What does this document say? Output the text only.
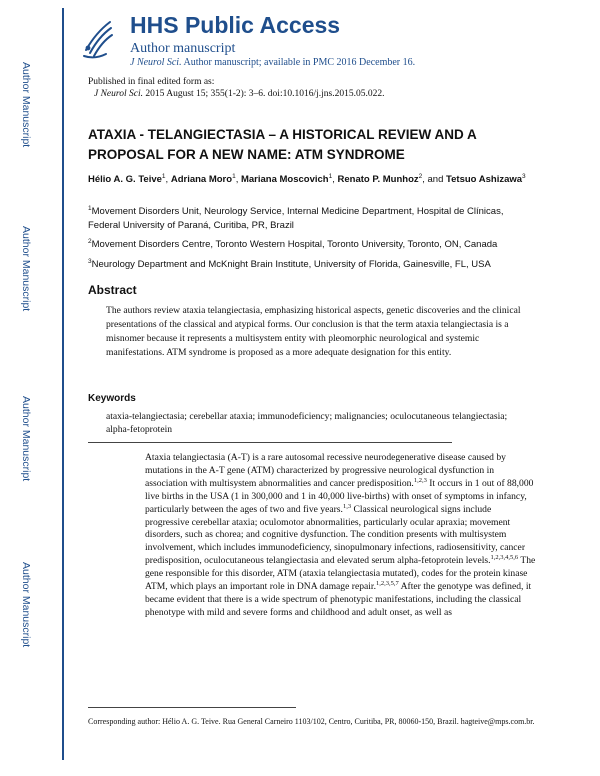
Author Manuscript
Author Manuscript
Author Manuscript
Author Manuscript
HHS Public Access
Author manuscript
J Neurol Sci. Author manuscript; available in PMC 2016 December 16.
Published in final edited form as:
J Neurol Sci. 2015 August 15; 355(1-2): 3–6. doi:10.1016/j.jns.2015.05.022.
ATAXIA - TELANGIECTASIA – A HISTORICAL REVIEW AND A PROPOSAL FOR A NEW NAME: ATM SYNDROME
Hélio A. G. Teive$^1$, Adriana Moro$^1$, Mariana Moscovich$^1$, Renato P. Munhoz$^2$, and Tetsuo Ashizawa$^3$
$^1$Movement Disorders Unit, Neurology Service, Internal Medicine Department, Hospital de Clínicas, Federal University of Paraná, Curitiba, PR, Brazil
$^2$Movement Disorders Centre, Toronto Western Hospital, Toronto University, Toronto, ON, Canada
$^3$Neurology Department and McKnight Brain Institute, University of Florida, Gainesville, FL, USA
Abstract
The authors review ataxia telangiectasia, emphasizing historical aspects, genetic discoveries and the clinical presentations of the classical and atypical forms. Our conclusion is that the term ataxia telangiectasia is a misnomer because it represents a multisystem entity with pleomorphic neurological and systemic manifestations. ATM syndrome is proposed as a more adequate designation for this entity.
Keywords
ataxia-telangiectasia; cerebellar ataxia; immunodeficiency; malignancies; oculocutaneous telangiectasia; alpha-fetoprotein
Ataxia telangiectasia (A-T) is a rare autosomal recessive neurodegenerative disease caused by mutations in the A-T gene (ATM) characterized by progressive neurological dysfunction in association with multisystem abnormalities and cancer predisposition.$^{1,2,3}$ It occurs in 1 out of 88,000 live births in the USA (1 in 300,000 and 1 in 40,000 live-births) with onset of symptoms in infancy, particularly between the ages of two and five years.$^{1,3}$ Classical neurological signs include progressive cerebellar ataxia; oculomotor abnormalities, particularly ocular apraxia; movement disorders, such as chorea; and cognitive dysfunction. The condition presents with multisystem involvement, which includes immunodeficiency, sinopulmonary infections, radiosensitivity, cancer predisposition, oculocutaneous telangiectasia and elevated serum alpha-fetoprotein levels.$^{1,2,3,4,5,6}$ The gene responsible for this disorder, ATM (ataxia telangiectasia mutated), codes for the protein kinase ATM, which plays an important role in DNA damage repair.$^{1,2,3,5,7}$ After the genotype was defined, it became evident that there is a wide spectrum of phenotypic manifestations, including the classical phenotype with mild and severe forms and childhood and adult onset, as well as
Corresponding author: Hélio A. G. Teive. Rua General Carneiro 1103/102, Centro, Curitiba, PR, 80060-150, Brazil. hagteive@mps.com.br.
